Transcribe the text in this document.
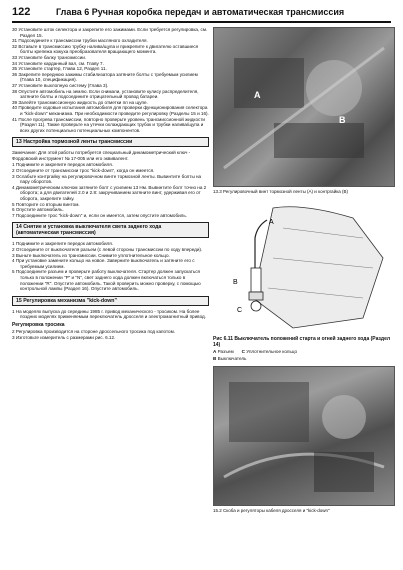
122	Глава 6 Ручная коробка передач и автоматическая трансмиссия

30 Установите шток селектора и закрепите его зажимами. Если требуется регулировка, см. Раздел 15.

31 Подсоедините к трансмиссии трубки масляного охладителя.

32 Вставьте в трансмиссию трубку налива/щупа и прикрепите к двигателю оставшиеся болты крепежа кожуха преобразователя вращающего момента.

33 Установите балку трансмиссии.

34 Установите карданный вал, см. Главу 7.

35 Установите стартер, Глава 12, Раздел 11.

36 Закрепите переднюю зажимы стабилизатора затяните болты с требуемым усилием (Глава 10, спецификация).

37 Установите выхлопную систему (Глава 3).

38 Опустите автомобиль на землю. Если снимали, установите кулису распределителя, затяните болты и подсоедините отрицательный провод батареи.

39 Залейте трансмиссионную жидкость до отметки пл на щупе.

40 Проведите ходовые испытания автомобиля для проверки функционирования селектора и "kick-down" механизма. При необходимости проведите регулировку (Разделы 15 и 16).

41 После прогрева трансмиссии, повторно проверьте уровень трансмиссионной жидкости (Раздел 11). Также проверьте на утечки охлаждающих трубок и трубки налива/щупа и всех других потенциально потенциальных компонентов.

13 Настройка тормозной ленты трансмиссии

Замечание: Для этой работы потребуется специальный динамометрический ключ - Фордовский инструмент № 17-005 или его эквивалент.

1 Поднимите и закрепите передок автомобиля.

2 Отсоедините от трансмиссии трос "kick-down", когда он имеется.

3 Ослабьте контргайку на регулировочном винте тормозной ленты. Вывинтите болты на пару оборотов.

4 Динамометрическим ключом затяните болт с усилием 13 Нм. Вывинтите болт точно на 2 оборота; а для двигателей 2.0 и 2.8: закручиванием затяните винт, удерживая его от оборота, закрепите гайку.

5 Повторите со вторым винтом.

6 Опустите автомобиль.

7 Подсоедините трос "kick-down" и, если он имеется, затем опустите автомобиль.

14 Снятие и установка выключателя света заднего хода (автоматическая трансмиссия)

1 Поднимите и закрепите передок автомобиля.

2 Отсоедините от выключателя разъем (с левой стороны трансмиссии по ходу впереди).

3 Выньте выключатель из трансмиссии. Снимите уплотнительное кольцо.

4 При установке замените кольцо на новое. Заверните выключатель и затяните его с требуемым усилием.

5 Подсоедините разъем и проверьте работу выключателя. Стартер должен запускаться только в положении "P" и "N", свет заднего хода должен включаться только в положении "R". Опустите автомобиль. Такой проверить можно проверку, с помощью контрольной лампы (Раздел 16). Опустите автомобиль.

15 Регулировка механизма "kick-down"

1 На моделях выпуска до середины 1985 г. привод механического - тросиком. На более поздних моделях применяемым переключатель дросселя и электромагнитный привод.

Регулировка тросика

2 Регулировка производится на стороне дроссельного тросика под капотом.

3 Изготовьте измеритель с размерами рис. 6.12.

A
B
13.3 Регулировочный винт тормозной ленты (A) и контргайка (B)
A
B
C
Рис 6.11 Выключатель положений старта и огней заднего хода (Раздел 14)
A Разъем C Уплотнительное кольцо
B Выключатель
15.2 Скоба и регуляторы кабеля дросселя и "kick-down"
